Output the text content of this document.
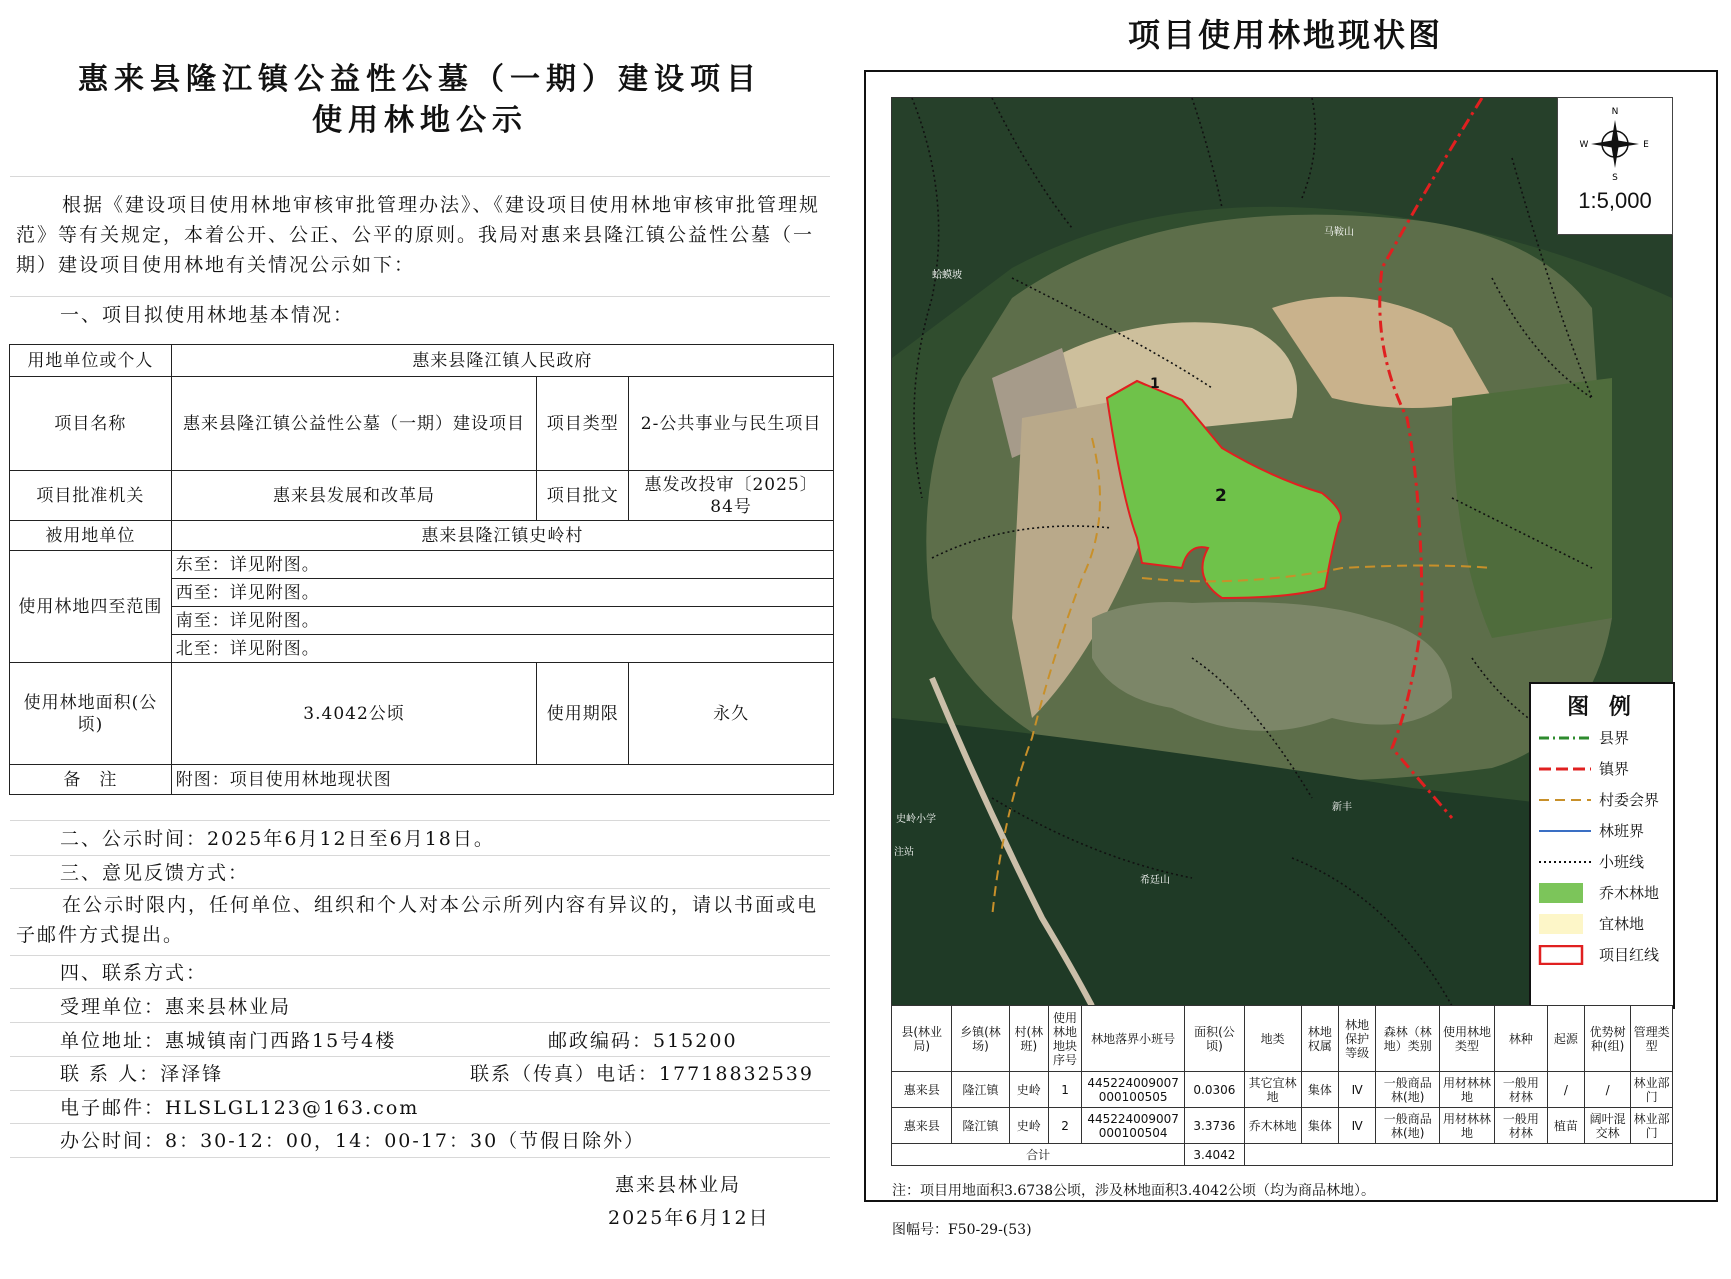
惠来县隆江镇公益性公墓（一期）建设项目
使用林地公示
根据《建设项目使用林地审核审批管理办法》、《建设项目使用林地审核审批管理规范》等有关规定，本着公开、公正、公平的原则。我局对惠来县隆江镇公益性公墓（一期）建设项目使用林地有关情况公示如下：
一、项目拟使用林地基本情况：
用地单位或个人	惠来县隆江镇人民政府		
项目名称	惠来县隆江镇公益性公墓（一期）建设项目	项目类型	2-公共事业与民生项目
项目批准机关	惠来县发展和改革局	项目批文	惠发改投审〔2025〕84号
被用地单位	惠来县隆江镇史岭村		
使用林地四至范围	东至：详见附图。		
	西至：详见附图。		
	南至：详见附图。		
	北至：详见附图。		
使用林地面积(公顷)	3.4042公顷	使用期限	永久
备　注	附图：项目使用林地现状图		
二、公示时间：2025年6月12日至6月18日。
三、意见反馈方式：
在公示时限内，任何单位、组织和个人对本公示所列内容有异议的，请以书面或电子邮件方式提出。
四、联系方式：
受理单位：惠来县林业局
单位地址：惠城镇南门西路15号4楼	邮政编码：515200
联 系 人：泽泽锋	联系（传真）电话：17718832539
电子邮件：HLSLGL123@163.com
办公时间：8：30-12：00，14：00-17：30（节假日除外）
惠来县林业局
2025年6月12日
项目使用林地现状图
1
2
马鞍山
蛤蟆坡
史岭小学
新丰
希廷山
注站
N
S
E
W
1:5,000
图 例
县界
镇界
村委会界
林班界
小班线
乔木林地
宜林地
项目红线
县(林业局)	乡镇(林场)	村(林班)	使用林地地块序号	林地落界小班号	面积(公顷)	地类	林地权属	林地保护等级	森林（林地）类别	使用林地类型	林种	起源	优势树种(组)	管理类型
惠来县	隆江镇	史岭	1	445224009007000100505	0.0306	其它宜林地	集体	Ⅳ	一般商品林(地)	用材林林地	一般用材林	/	/	林业部门
惠来县	隆江镇	史岭	2	445224009007000100504	3.3736	乔木林地	集体	Ⅳ	一般商品林(地)	用材林林地	一般用材林	植苗	阔叶混交林	林业部门
合计					3.4042									
注：项目用地面积3.6738公顷，涉及林地面积3.4042公顷（均为商品林地）。
图幅号：F50-29-(53)
